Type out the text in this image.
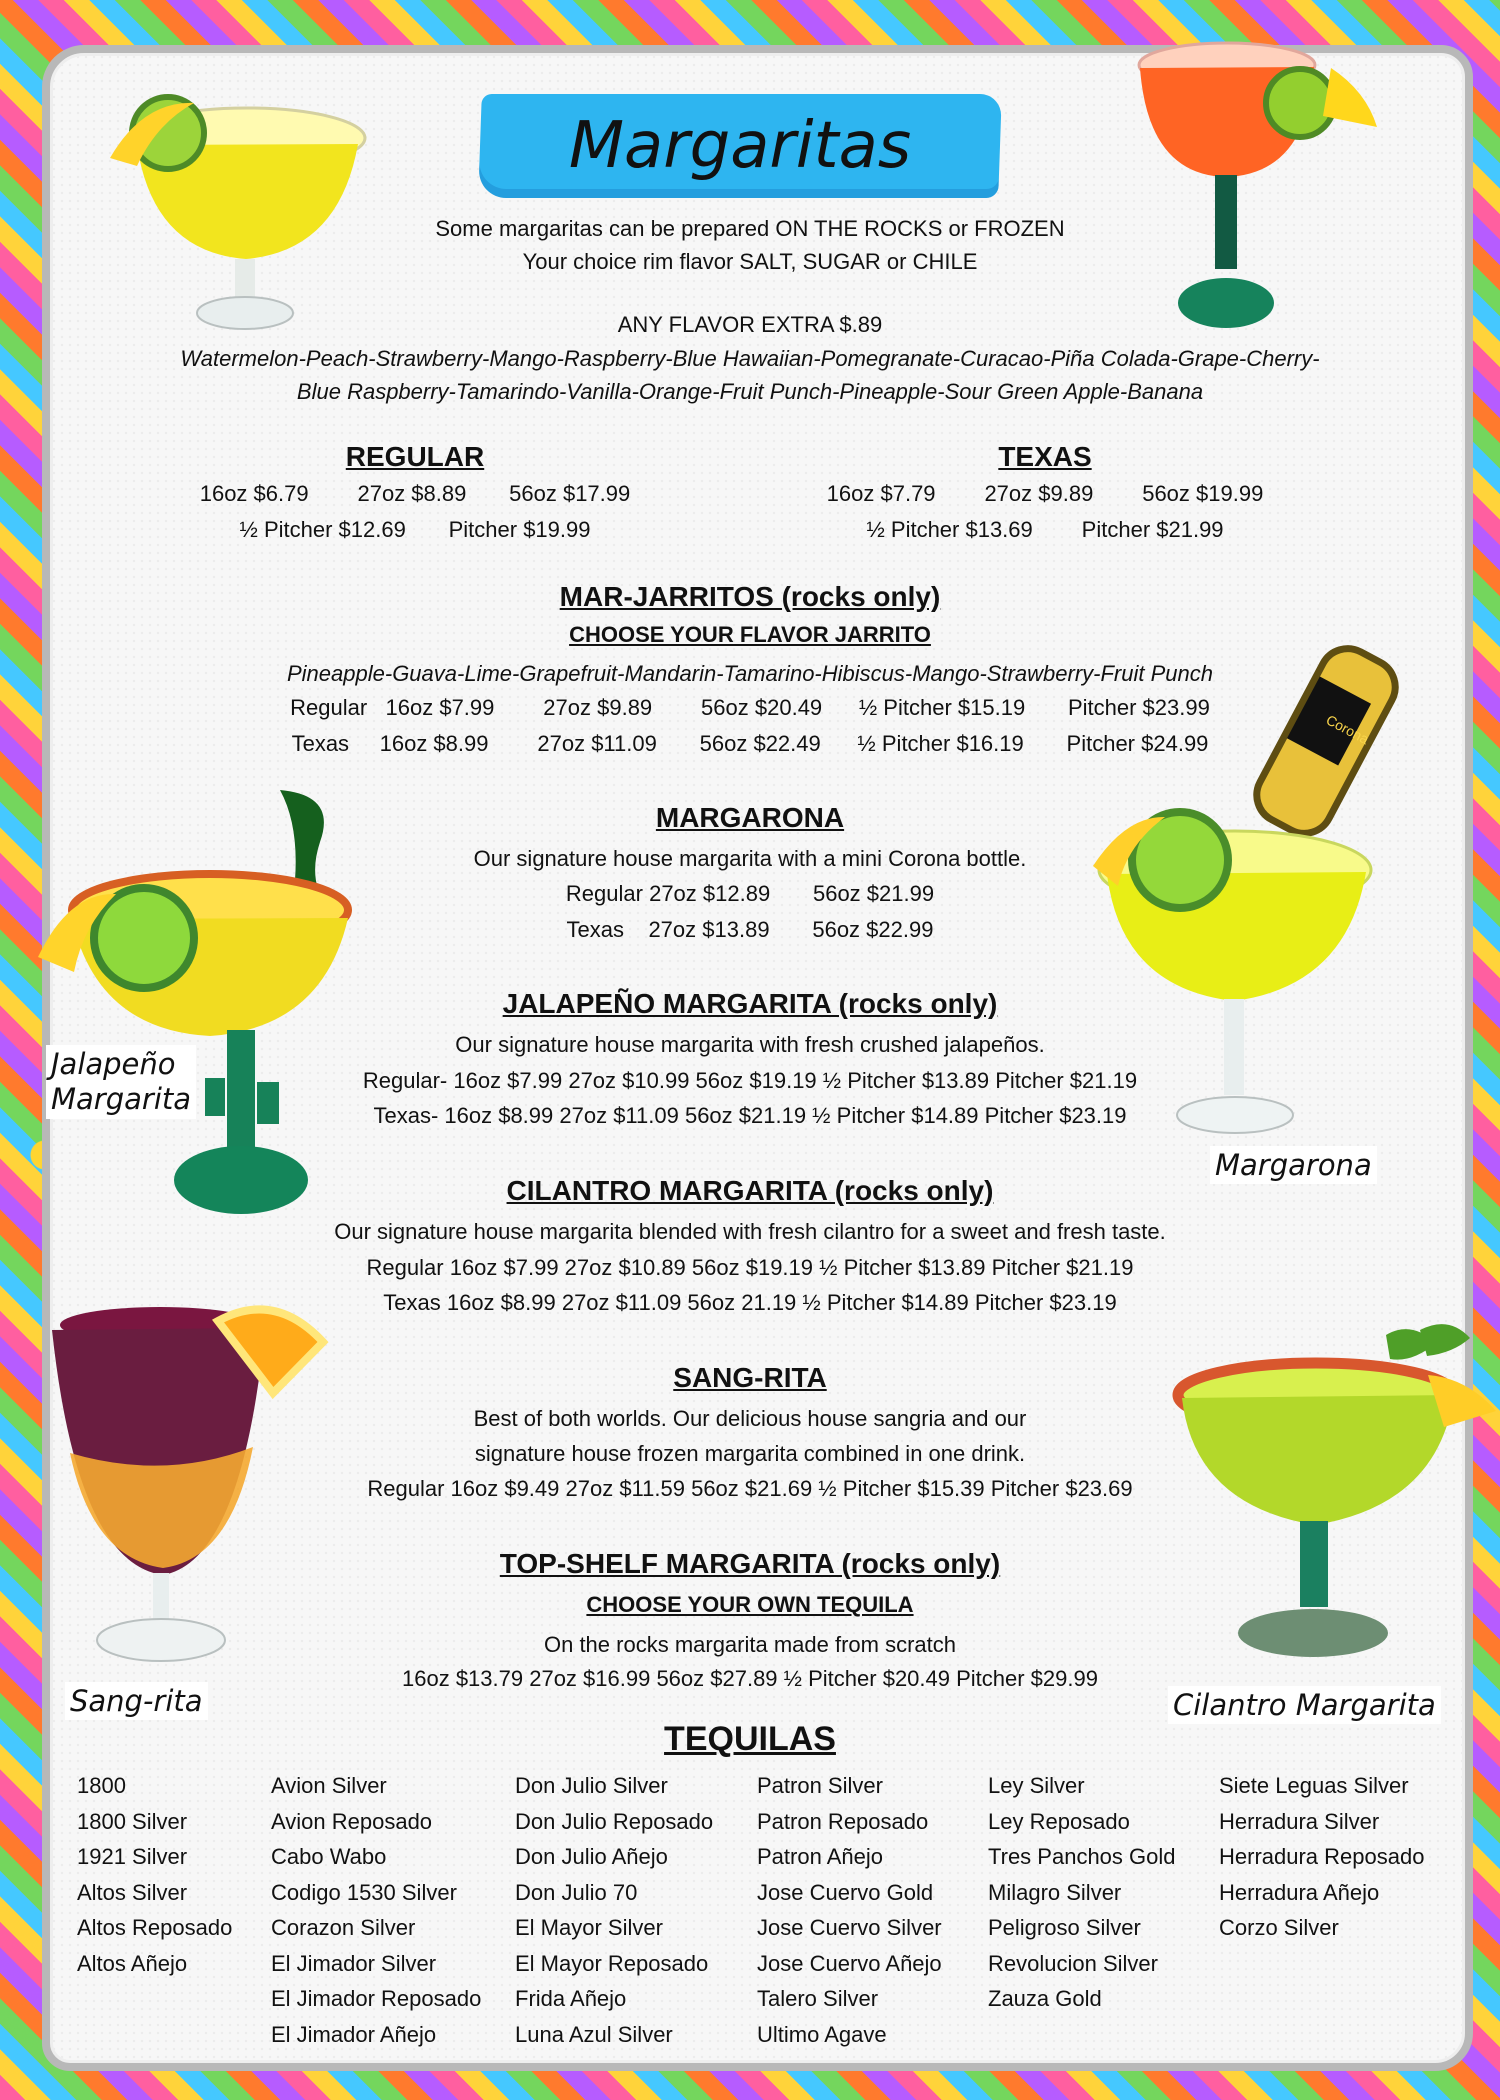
Margaritas
Some margaritas can be prepared ON THE ROCKS or FROZEN
Your choice rim flavor SALT, SUGAR or CHILE
ANY FLAVOR EXTRA $.89
Watermelon-Peach-Strawberry-Mango-Raspberry-Blue Hawaiian-Pomegranate-Curacao-Piña Colada-Grape-Cherry-
Blue Raspberry-Tamarindo-Vanilla-Orange-Fruit Punch-Pineapple-Sour Green Apple-Banana
REGULAR
16oz $6.79        27oz $8.89       56oz $17.99
½ Pitcher $12.69       Pitcher $19.99
TEXAS
16oz $7.79        27oz $9.89        56oz $19.99
½ Pitcher $13.69        Pitcher $21.99
MAR-JARRITOS (rocks only)
CHOOSE YOUR FLAVOR JARRITO
Pineapple-Guava-Lime-Grapefruit-Mandarin-Tamarino-Hibiscus-Mango-Strawberry-Fruit Punch
Regular   16oz $7.99        27oz $9.89        56oz $20.49      ½ Pitcher $15.19       Pitcher $23.99
Texas     16oz $8.99        27oz $11.09       56oz $22.49      ½ Pitcher $16.19       Pitcher $24.99
MARGARONA
Our signature house margarita with a mini Corona bottle.
Regular 27oz $12.89       56oz $21.99
Texas    27oz $13.89       56oz $22.99
JALAPEÑO MARGARITA (rocks only)
Our signature house margarita with fresh crushed jalapeños.
Regular- 16oz $7.99 27oz $10.99 56oz $19.19 ½ Pitcher $13.89 Pitcher $21.19
Texas- 16oz $8.99 27oz $11.09 56oz $21.19 ½ Pitcher $14.89 Pitcher $23.19
CILANTRO MARGARITA (rocks only)
Our signature house margarita blended with fresh cilantro for a sweet and fresh taste.
Regular 16oz $7.99 27oz $10.89 56oz $19.19 ½ Pitcher $13.89 Pitcher $21.19
Texas 16oz $8.99 27oz $11.09 56oz 21.19 ½ Pitcher $14.89 Pitcher $23.19
SANG-RITA
Best of both worlds. Our delicious house sangria and our
signature house frozen margarita combined in one drink.
Regular 16oz $9.49 27oz $11.59 56oz $21.69 ½ Pitcher $15.39 Pitcher $23.69
TOP-SHELF MARGARITA (rocks only)
CHOOSE YOUR OWN TEQUILA
On the rocks margarita made from scratch
16oz $13.79 27oz $16.99 56oz $27.89 ½ Pitcher $20.49 Pitcher $29.99
TEQUILAS
1800
1800 Silver
1921 Silver
Altos Silver
Altos Reposado
Altos Añejo
Avion Silver
Avion Reposado
Cabo Wabo
Codigo 1530 Silver
Corazon Silver
El Jimador Silver
El Jimador Reposado
El Jimador Añejo
Don Julio Silver
Don Julio Reposado
Don Julio Añejo
Don Julio 70
El Mayor Silver
El Mayor Reposado
Frida Añejo
Luna Azul Silver
Patron Silver
Patron Reposado
Patron Añejo
Jose Cuervo Gold
Jose Cuervo Silver
Jose Cuervo Añejo
Talero Silver
Ultimo Agave
Ley Silver
Ley Reposado
Tres Panchos Gold
Milagro Silver
Peligroso Silver
Revolucion Silver
Zauza Gold
Siete Leguas Silver
Herradura Silver
Herradura Reposado
Herradura Añejo
Corzo Silver
Corona
Jalapeño
Margarita
Margarona
Sang-rita	Cilantro Margarita
